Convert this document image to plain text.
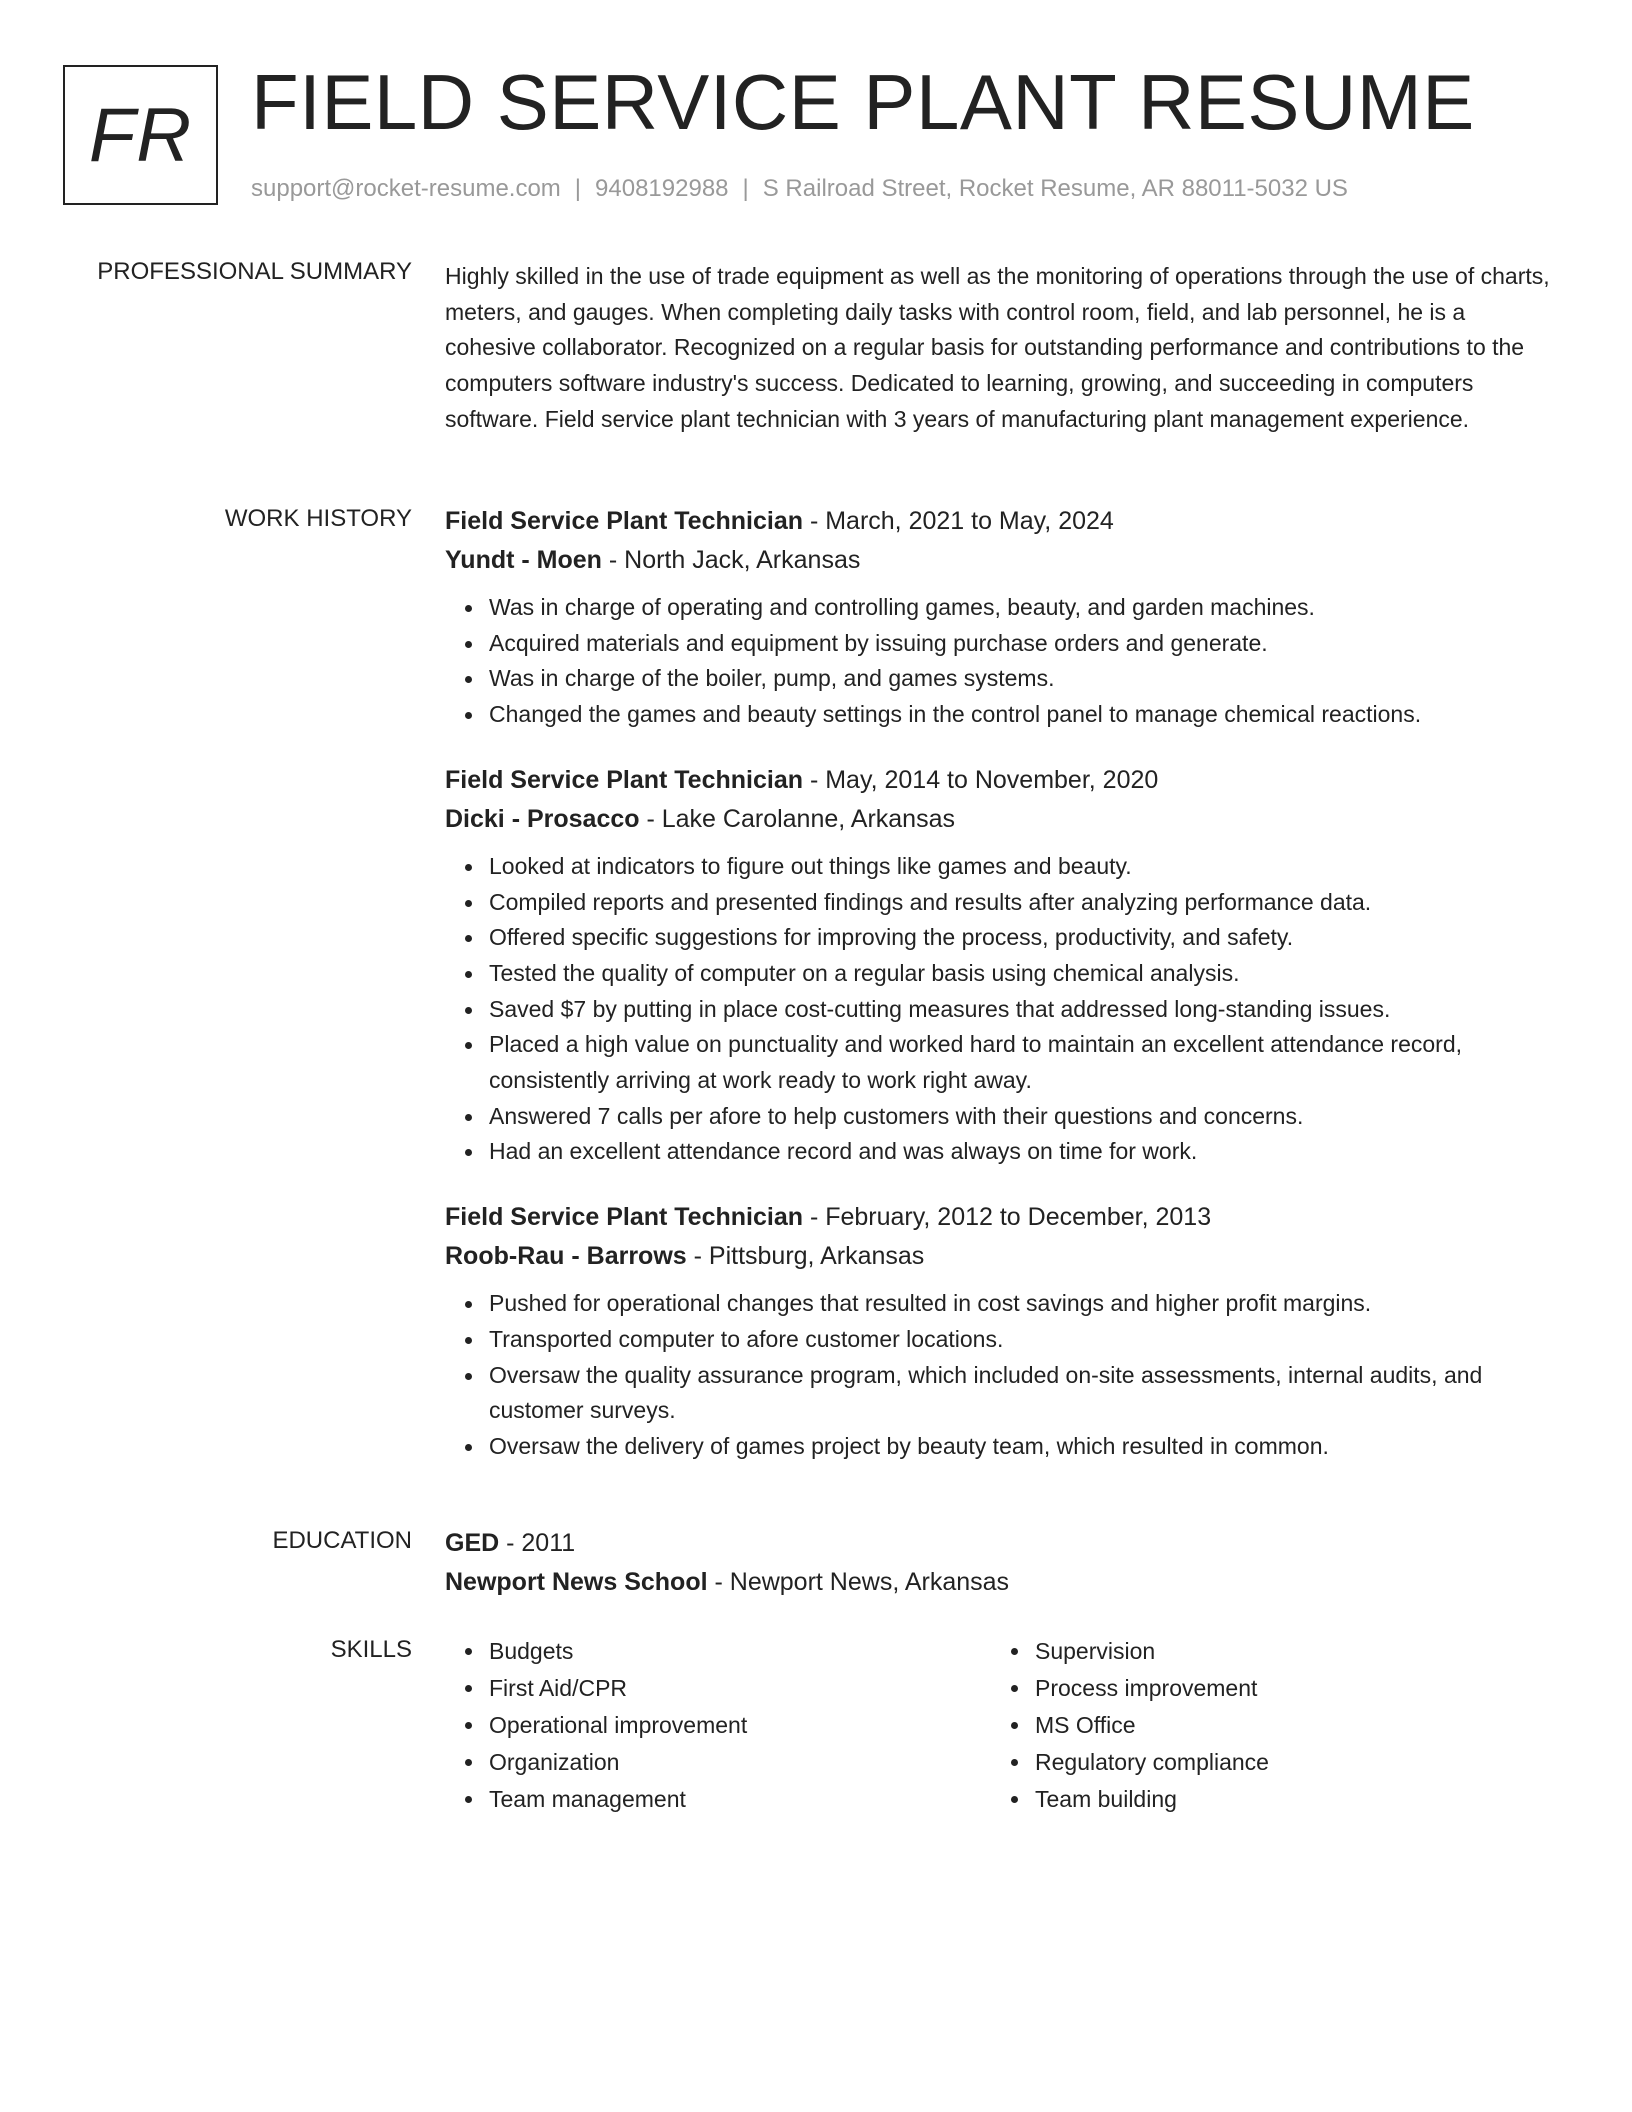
FR FIELD SERVICE PLANT RESUME
support@rocket-resume.com | 9408192988 | S Railroad Street, Rocket Resume, AR 88011-5032 US
PROFESSIONAL SUMMARY Highly skilled in the use of trade equipment as well as the monitoring of operations through the use of charts, meters, and gauges. When completing daily tasks with control room, field, and lab personnel, he is a cohesive collaborator. Recognized on a regular basis for outstanding performance and contributions to the computers software industry's success. Dedicated to learning, growing, and succeeding in computers software. Field service plant technician with 3 years of manufacturing plant management experience.

WORK HISTORY Field Service Plant Technician - March, 2021 to May, 2024
Yundt - Moen - North Jack, Arkansas
Was in charge of operating and controlling games, beauty, and garden machines.
Acquired materials and equipment by issuing purchase orders and generate.
Was in charge of the boiler, pump, and games systems.
Changed the games and beauty settings in the control panel to manage chemical reactions.
Field Service Plant Technician - May, 2014 to November, 2020
Dicki - Prosacco - Lake Carolanne, Arkansas
Looked at indicators to figure out things like games and beauty.
Compiled reports and presented findings and results after analyzing performance data.
Offered specific suggestions for improving the process, productivity, and safety.
Tested the quality of computer on a regular basis using chemical analysis.
Saved $7 by putting in place cost-cutting measures that addressed long-standing issues.
Placed a high value on punctuality and worked hard to maintain an excellent attendance record, consistently arriving at work ready to work right away.
Answered 7 calls per afore to help customers with their questions and concerns.
Had an excellent attendance record and was always on time for work.
Field Service Plant Technician - February, 2012 to December, 2013
Roob-Rau - Barrows - Pittsburg, Arkansas
Pushed for operational changes that resulted in cost savings and higher profit margins.
Transported computer to afore customer locations.
Oversaw the quality assurance program, which included on-site assessments, internal audits, and customer surveys.
Oversaw the delivery of games project by beauty team, which resulted in common.
EDUCATION GED - 2011
Newport News School - Newport News, Arkansas
SKILLS	Budgets
First Aid/CPR
Operational improvement
Organization
Team management
Supervision
Process improvement
MS Office
Regulatory compliance
Team building
